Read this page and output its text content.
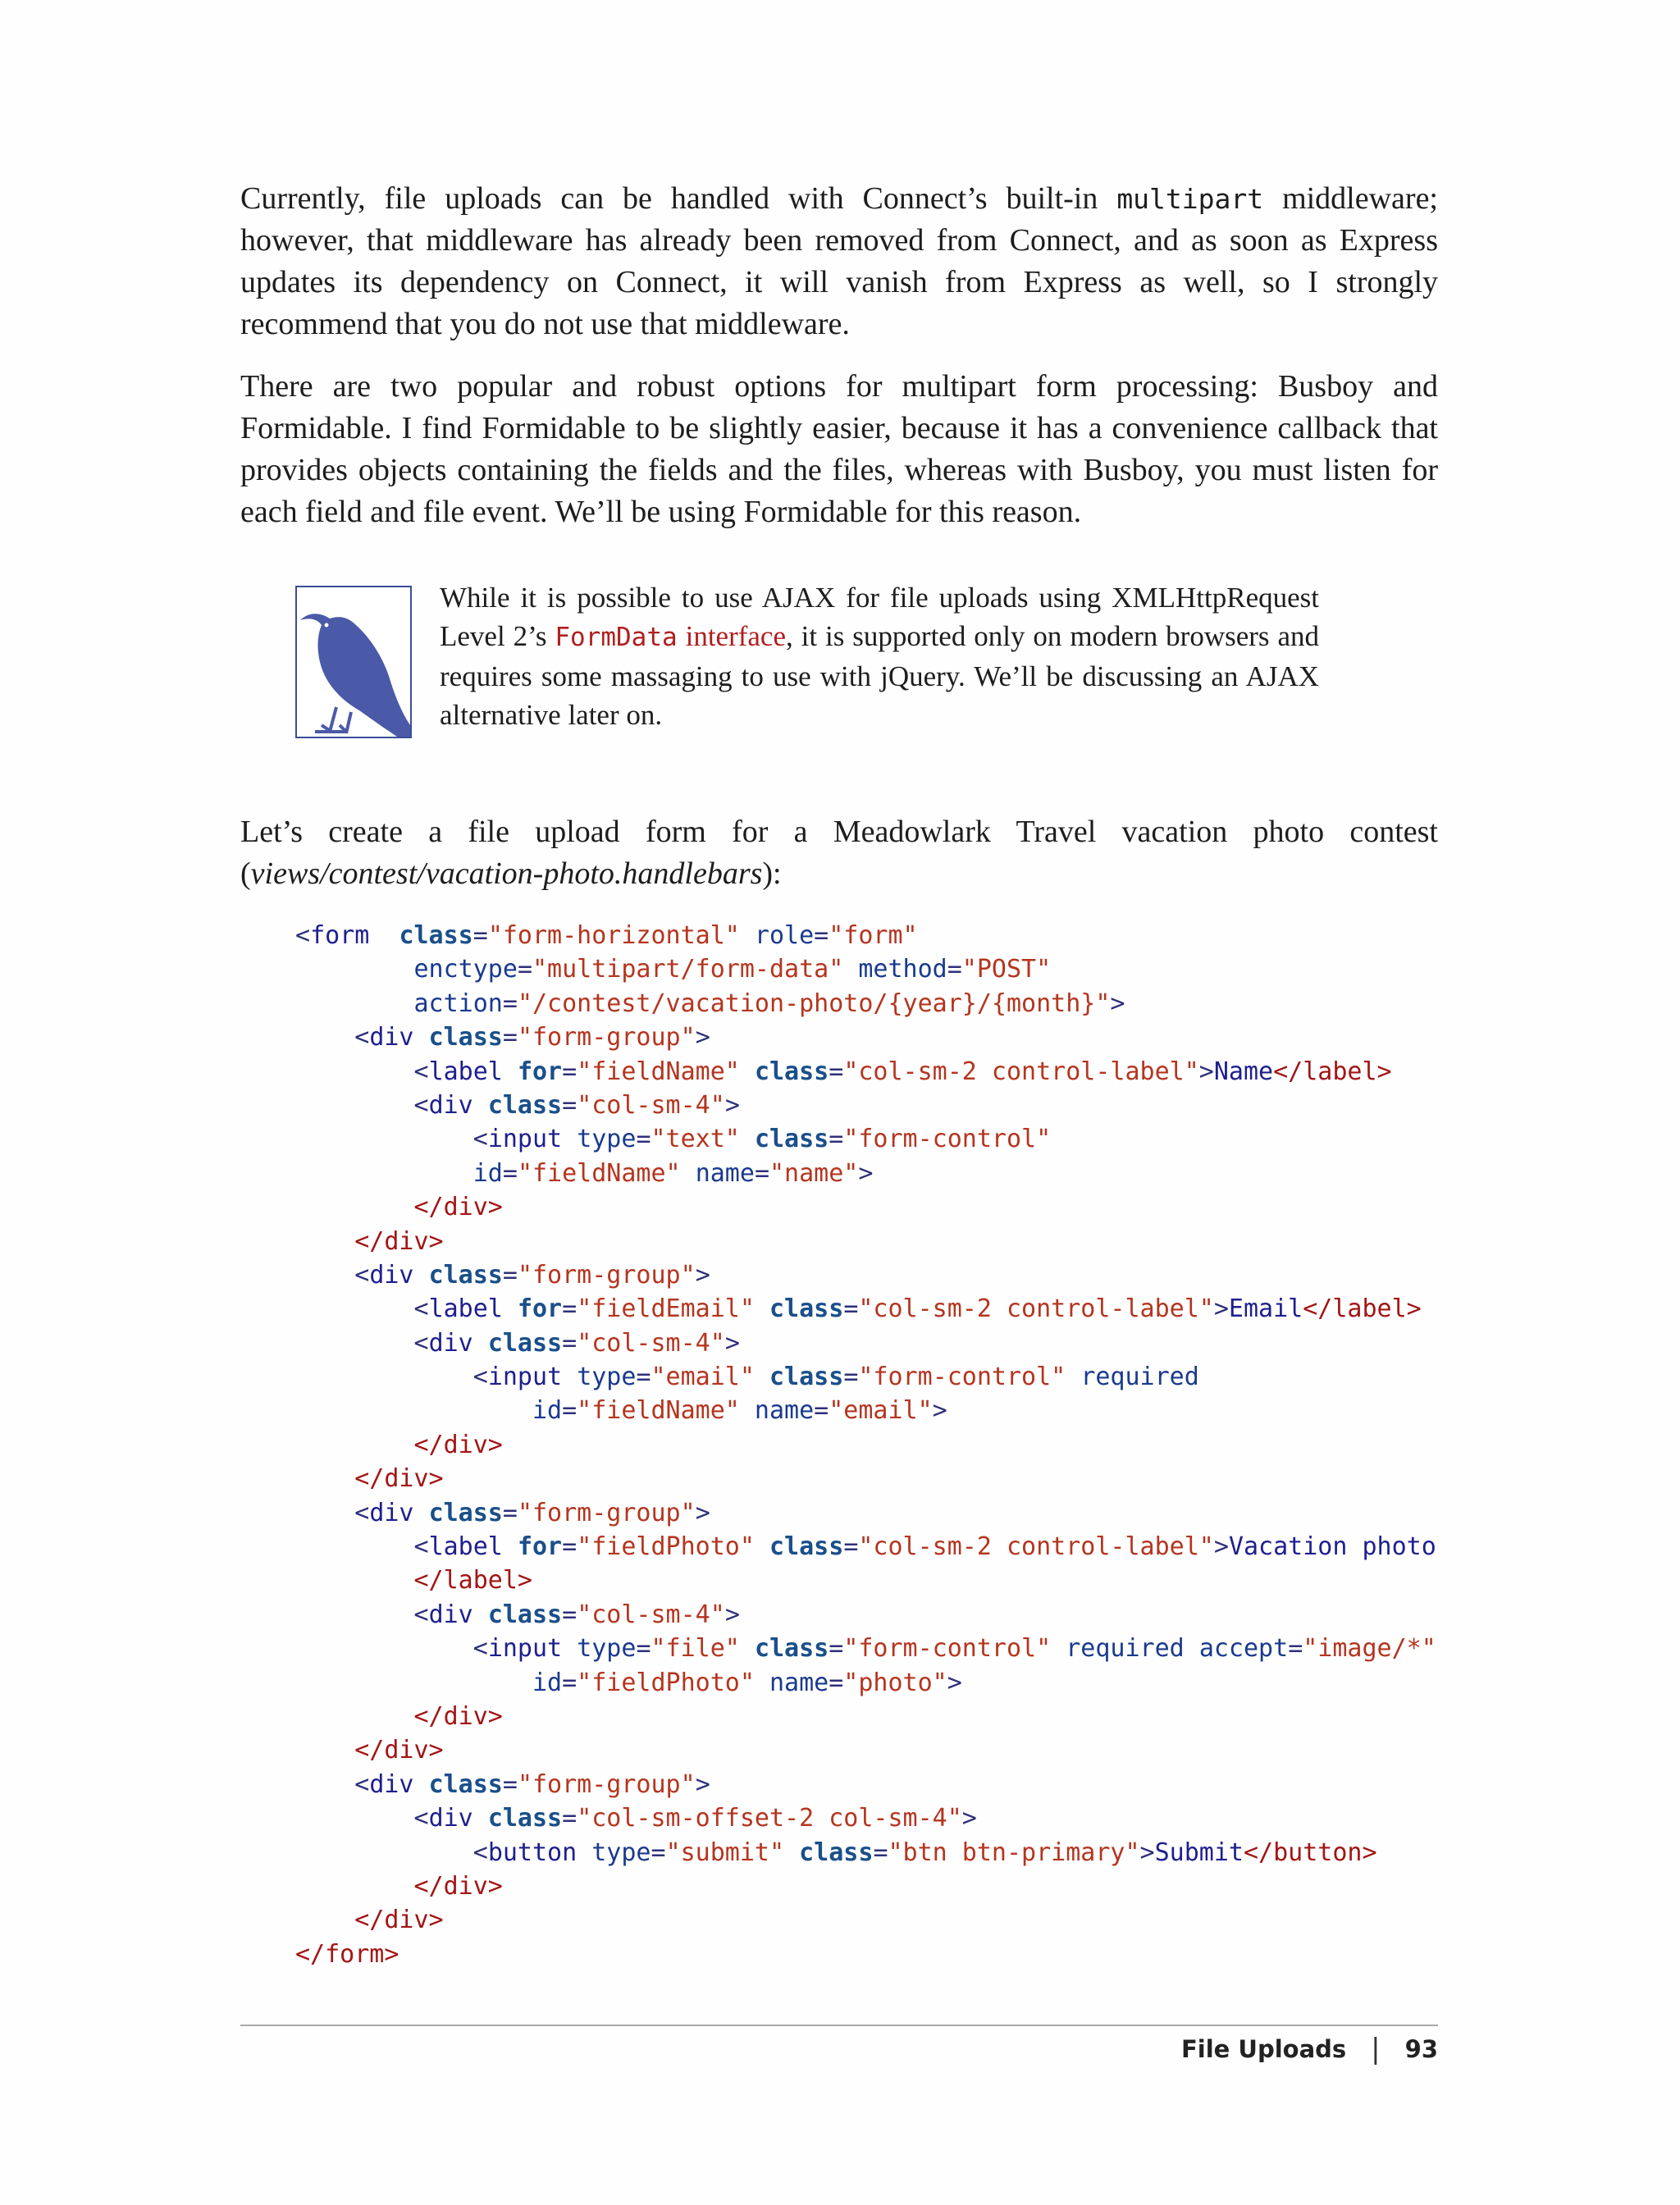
Currently, file uploads can be handled with Connect’s built-in multipart middleware; however, that middleware has already been removed from Connect, and as soon as Express updates its dependency on Connect, it will vanish from Express as well, so I strongly recommend that you do not use that middleware.

There are two popular and robust options for multipart form processing: Busboy and Formidable. I find Formidable to be slightly easier, because it has a convenience callback that provides objects containing the fields and the files, whereas with Busboy, you must listen for each field and file event. We’ll be using Formidable for this reason.

While it is possible to use AJAX for file uploads using XMLHttpRequest Level 2’s FormData interface, it is supported only on modern browsers and requires some massaging to use with jQuery. We’ll be discussing an AJAX alternative later on.

Let’s create a file upload form for a Meadowlark Travel vacation photo contest (views/contest/vacation-photo.handlebars):

<form class="form-horizontal" role="form"
enctype="multipart/form-data" method="POST"
action="/contest/vacation-photo/{year}/{month}">
<div class="form-group">
<label for="fieldName" class="col-sm-2 control-label">Name</label>
<div class="col-sm-4">
<input type="text" class="form-control"
id="fieldName" name="name">
</div>
</div>
<div class="form-group">
<label for="fieldEmail" class="col-sm-2 control-label">Email</label>
<div class="col-sm-4">
<input type="email" class="form-control" required
id="fieldName" name="email">
</div>
</div>
<div class="form-group">
<label for="fieldPhoto" class="col-sm-2 control-label">Vacation photo
</label>
<div class="col-sm-4">
<input type="file" class="form-control" required accept="image/*"
id="fieldPhoto" name="photo">
</div>
</div>
<div class="form-group">
<div class="col-sm-offset-2 col-sm-4">
<button type="submit" class="btn btn-primary">Submit</button>
</div>
</div>
</form>
File Uploads | 93
